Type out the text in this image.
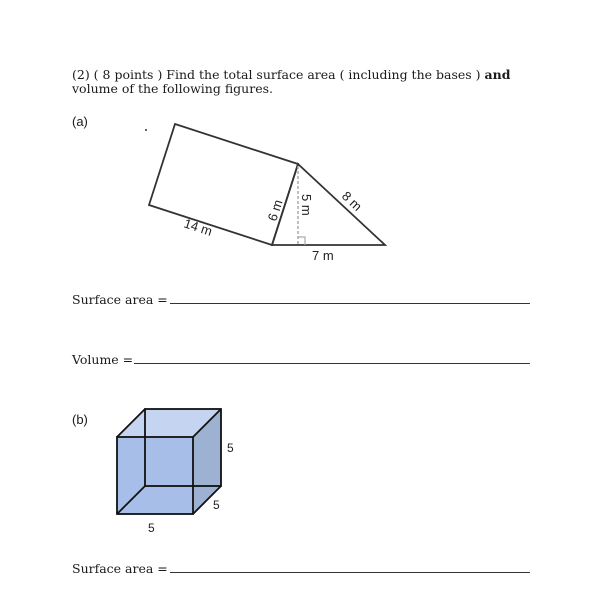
(2) ( 8 points ) Find the total surface area ( including the bases ) and
volume of the following figures.
(a)
14 m
6 m 5 m 8 m
7 m
5
5
5
Surface area =
Volume =
(b)
Surface area =
